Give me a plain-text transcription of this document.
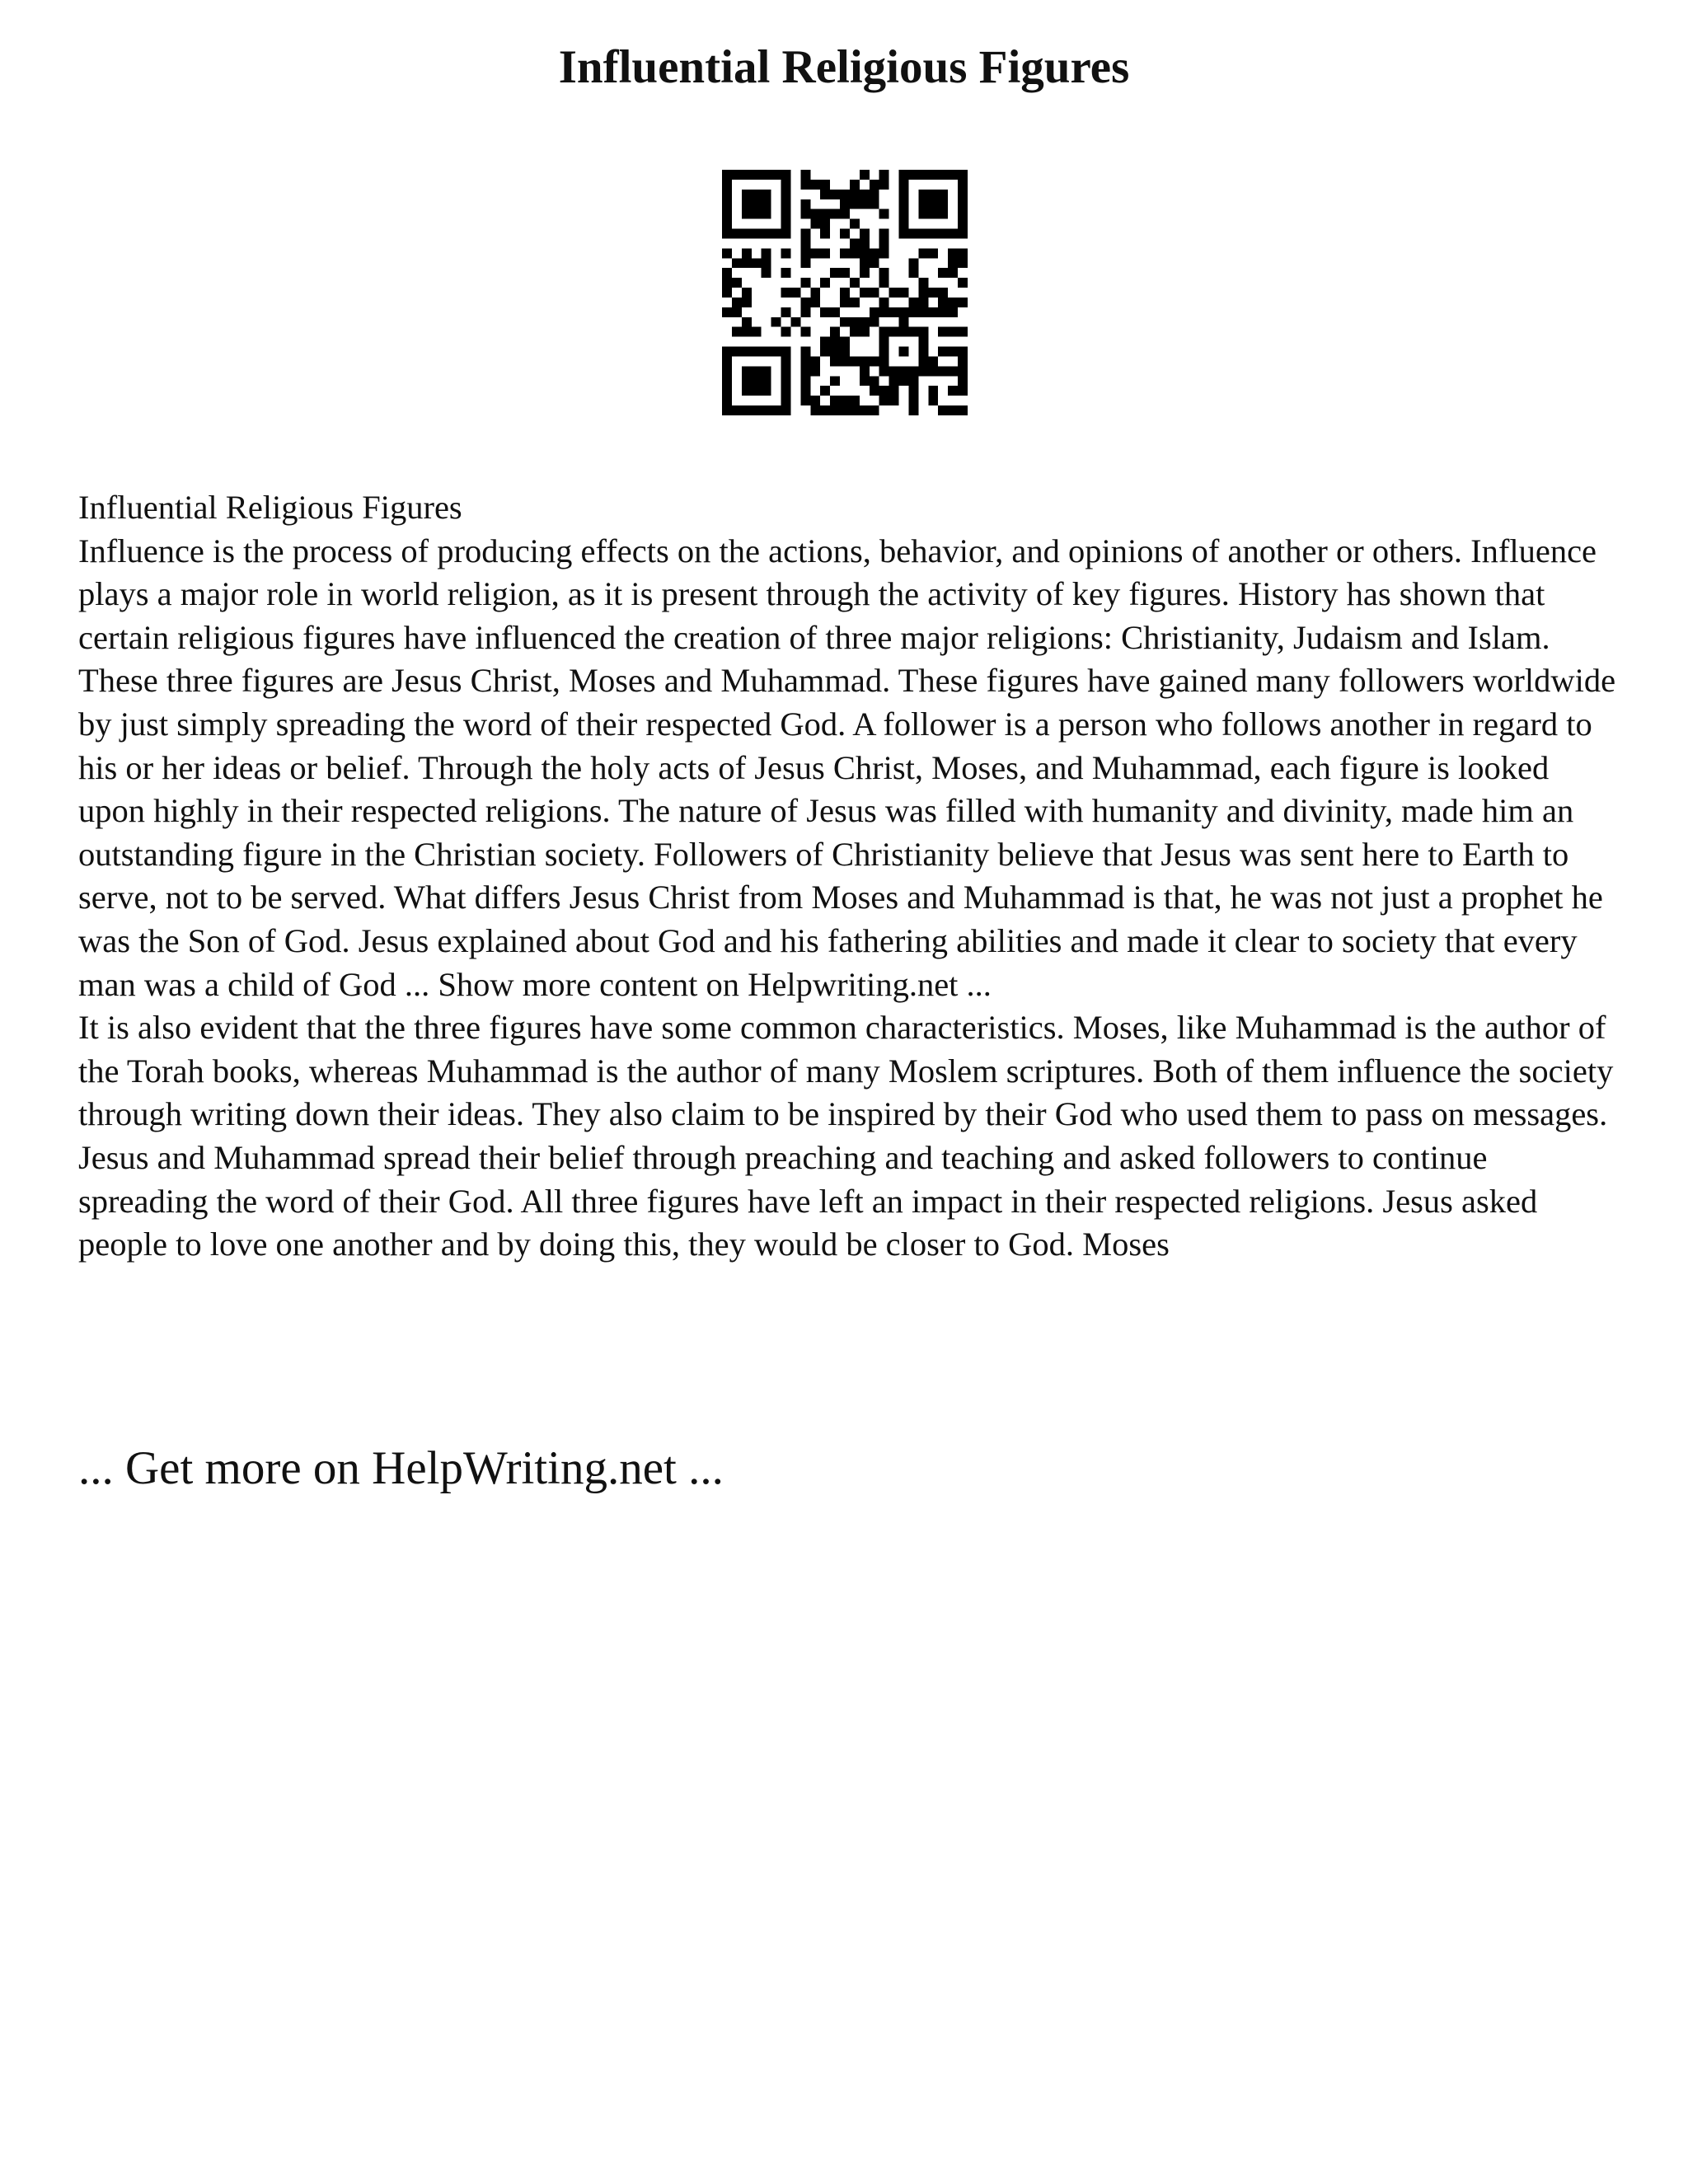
Influential Religious Figures

Influential Religious Figures

Influence is the process of producing effects on the actions, behavior, and opinions of another or others. Influence plays a major role in world religion, as it is present through the activity of key figures. History has shown that certain religious figures have influenced the creation of three major religions: Christianity, Judaism and Islam. These three figures are Jesus Christ, Moses and Muhammad. These figures have gained many followers worldwide by just simply spreading the word of their respected God. A follower is a person who follows another in regard to his or her ideas or belief. Through the holy acts of Jesus Christ, Moses, and Muhammad, each figure is looked upon highly in their respected religions. The nature of Jesus was filled with humanity and divinity, made him an outstanding figure in the Christian society. Followers of Christianity believe that Jesus was sent here to Earth to serve, not to be served. What differs Jesus Christ from Moses and Muhammad is that, he was not just a prophet he was the Son of God. Jesus explained about God and his fathering abilities and made it clear to society that every man was a child of God ... Show more content on Helpwriting.net ...

It is also evident that the three figures have some common characteristics. Moses, like Muhammad is the author of the Torah books, whereas Muhammad is the author of many Moslem scriptures. Both of them influence the society through writing down their ideas. They also claim to be inspired by their God who used them to pass on messages. Jesus and Muhammad spread their belief through preaching and teaching and asked followers to continue spreading the word of their God. All three figures have left an impact in their respected religions. Jesus asked people to love one another and by doing this, they would be closer to God. Moses

... Get more on HelpWriting.net ...
